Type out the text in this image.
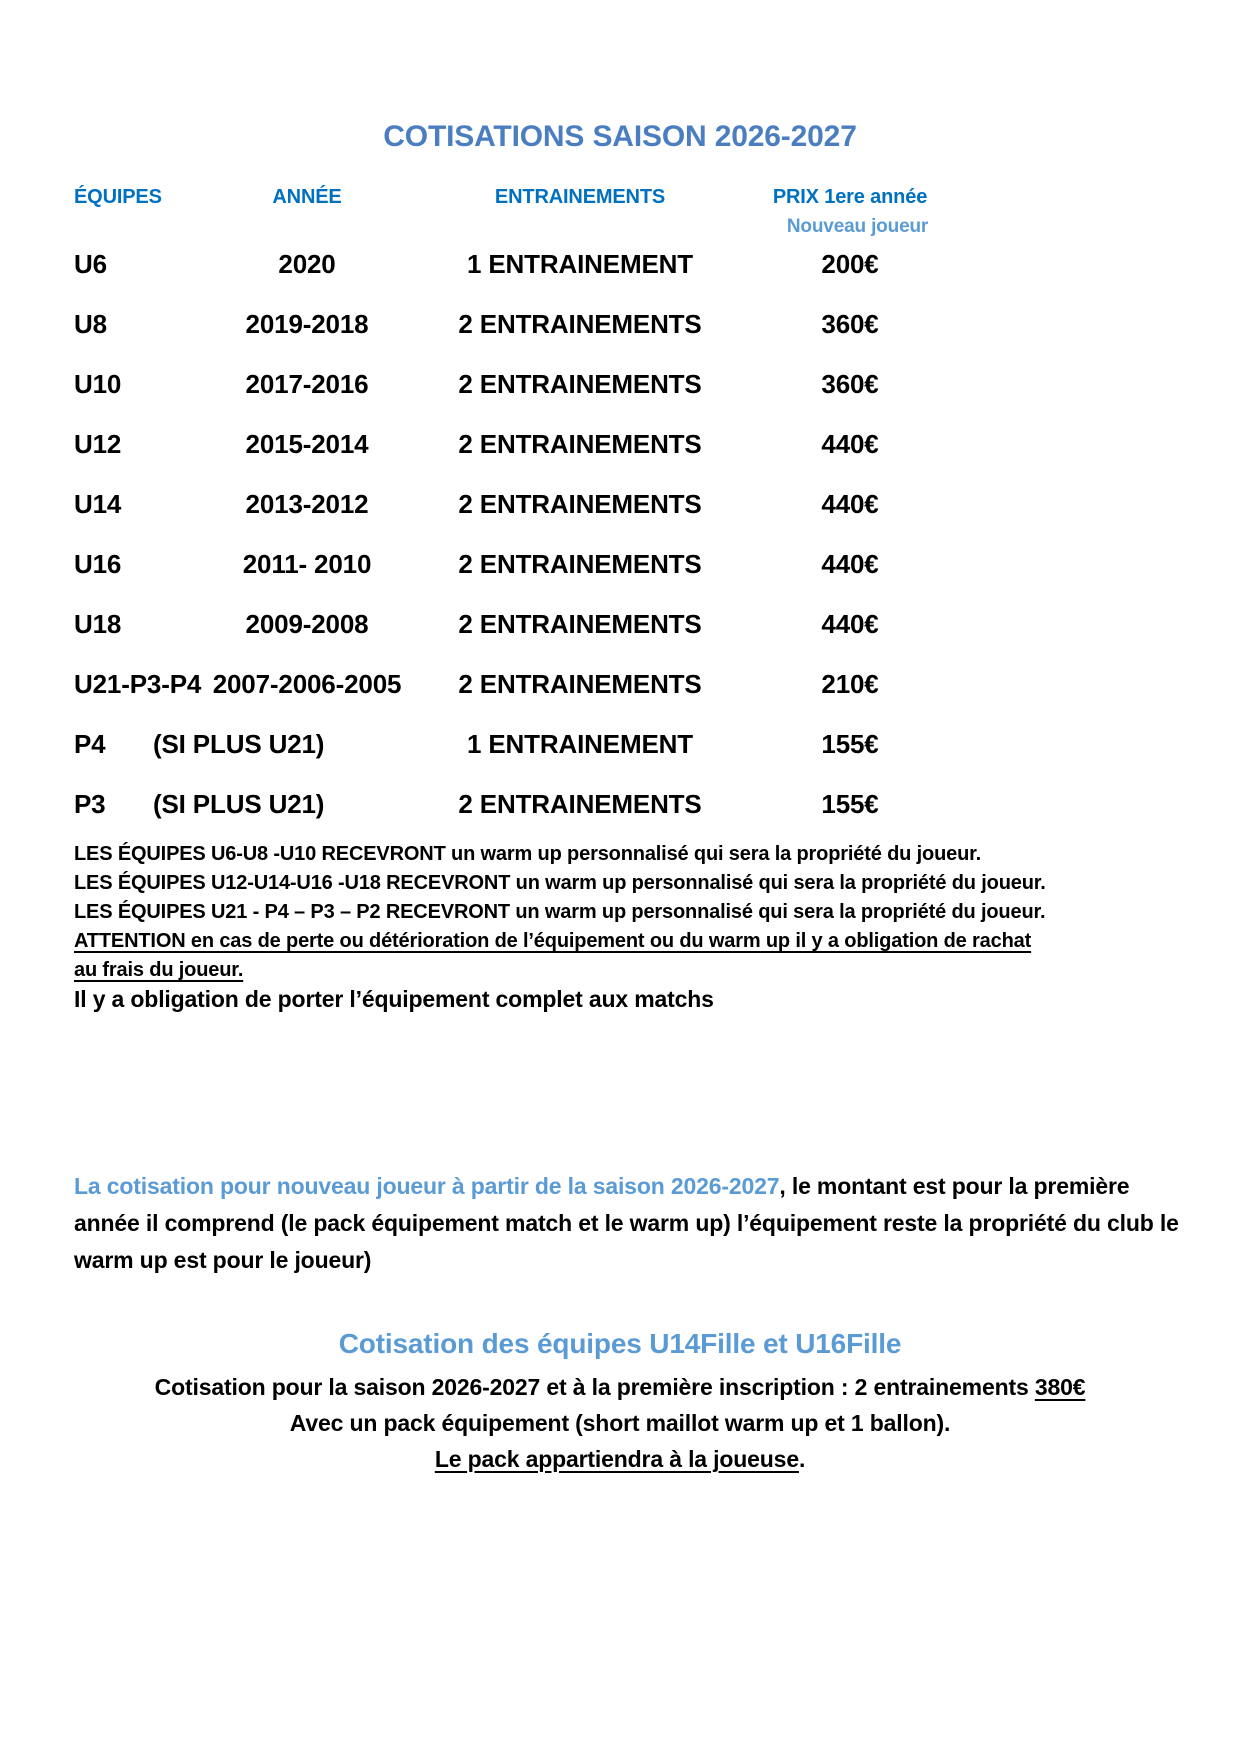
COTISATIONS SAISON 2026-2027
ÉQUIPES	ANNÉE	ENTRAINEMENTS	PRIX 1ere année
Nouveau joueur
U6	2020	1 ENTRAINEMENT	200€
U8	2019-2018	2 ENTRAINEMENTS	360€
U10	2017-2016	2 ENTRAINEMENTS	360€
U12	2015-2014	2 ENTRAINEMENTS	440€
U14	2013-2012	2 ENTRAINEMENTS	440€
U16	2011- 2010	2 ENTRAINEMENTS	440€
U18	2009-2008	2 ENTRAINEMENTS	440€
U21-P3-P4 2007-2006-2005	2 ENTRAINEMENTS	210€
P4	(SI PLUS U21)	1 ENTRAINEMENT	155€
P3	(SI PLUS U21)	2 ENTRAINEMENTS	155€
LES ÉQUIPES U6-U8 -U10 RECEVRONT un warm up personnalisé qui sera la propriété du joueur.
LES ÉQUIPES U12-U14-U16 -U18 RECEVRONT un warm up personnalisé qui sera la propriété du joueur.
LES ÉQUIPES U21 - P4 – P3 – P2 RECEVRONT un warm up personnalisé qui sera la propriété du joueur.
ATTENTION en cas de perte ou détérioration de l’équipement ou du warm up il y a obligation de rachat
au frais du joueur.

Il y a obligation de porter l’équipement complet aux matchs

La cotisation pour nouveau joueur à partir de la saison 2026-2027, le montant est pour la première année il comprend (le pack équipement match et le warm up) l’équipement reste la propriété du club le warm up est pour le joueur)

Cotisation des équipes U14Fille et U16Fille

Cotisation pour la saison 2026-2027 et à la première inscription : 2 entrainements 380€

Avec un pack équipement (short maillot warm up et 1 ballon).

Le pack appartiendra à la joueuse.
